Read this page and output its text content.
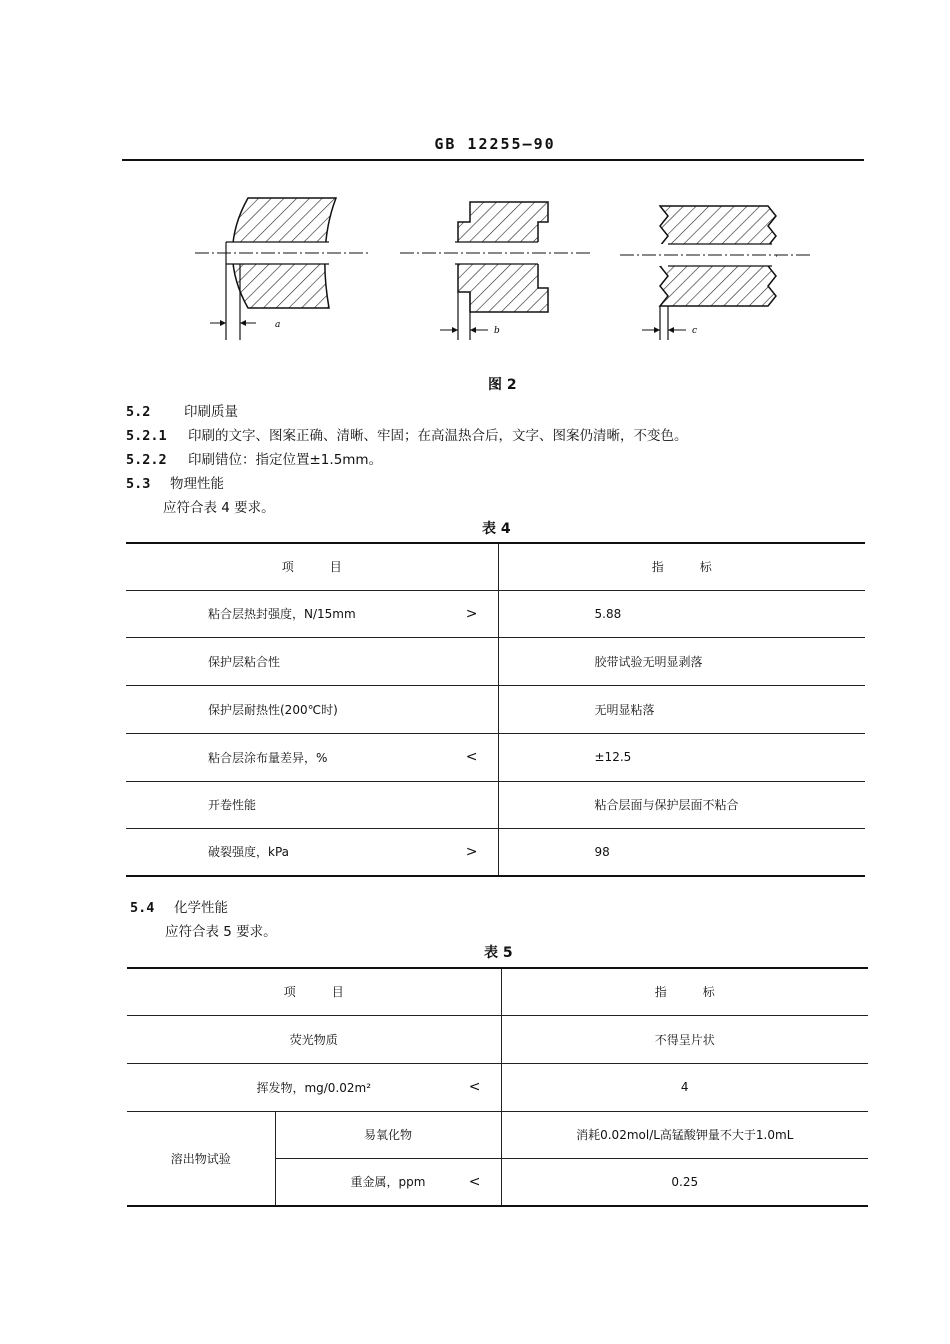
GB 12255—90
a
b	c
图 2
5.2 印刷质量
5.2.1 印刷的文字、图案正确、清晰、牢固；在高温热合后，文字、图案仍清晰，不变色。
5.2.2 印刷错位：指定位置±1.5mm。
5.3 物理性能
应符合表 4 要求。
表 4
项　　　目	指　　　标
粘合层热封强度，N/15mm >	5.88
保护层粘合性	胶带试验无明显剥落
保护层耐热性(200℃时)	无明显粘落
粘合层涂布量差异，% <	±12.5
开卷性能	粘合层面与保护层面不粘合
破裂强度，kPa >	98
5.4 化学性能
应符合表 5 要求。
表 5
项　　　目		指　　　标
荧光物质		不得呈片状
挥发物，mg/0.02m² <		4
溶出物试验	易氧化物	消耗0.02mol/L高锰酸钾量不大于1.0mL
	重金属，ppm <	0.25
